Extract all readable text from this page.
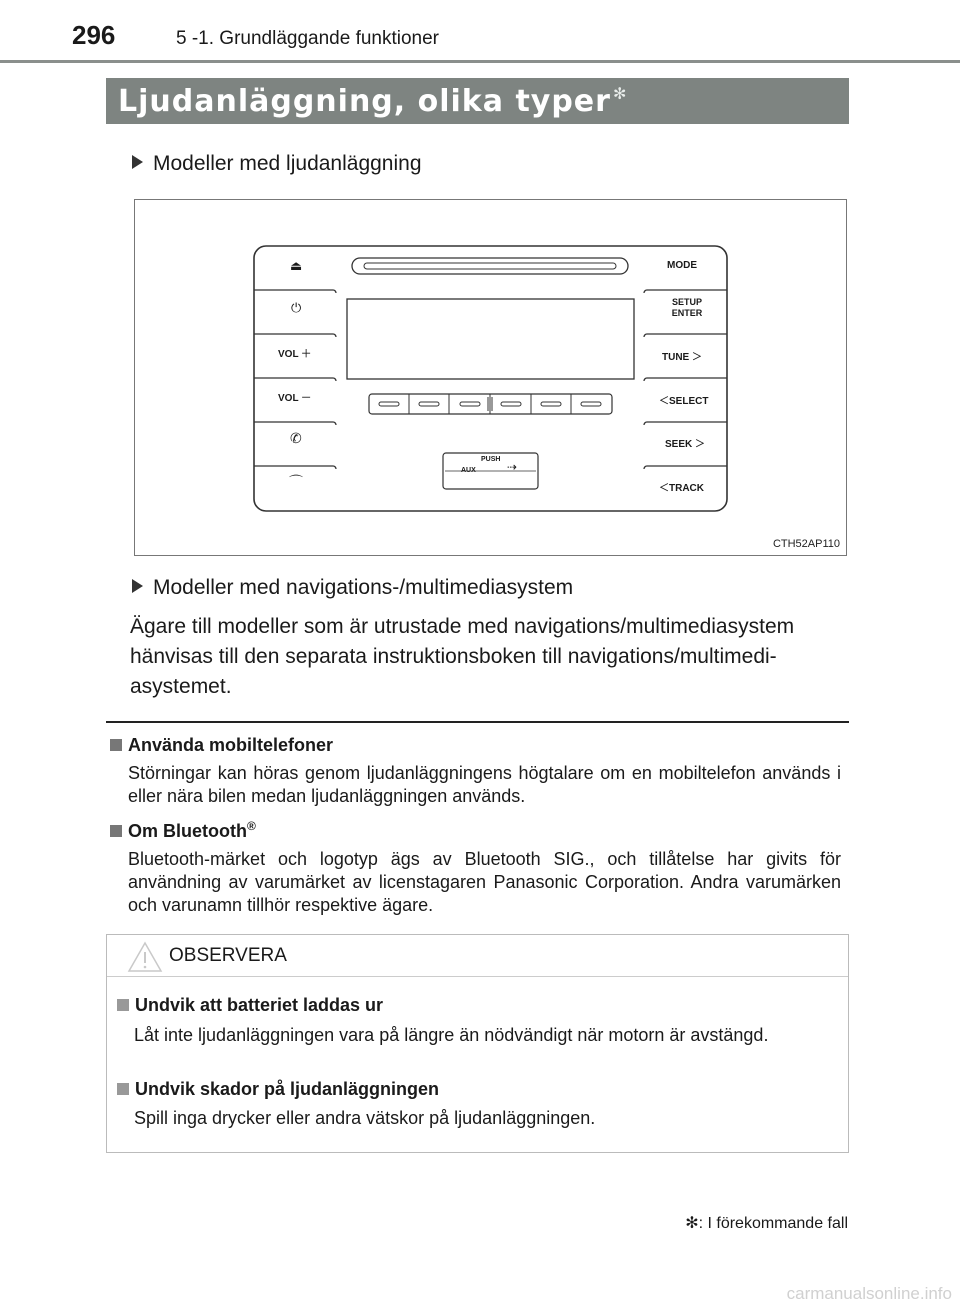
296	5 -1. Grundläggande funktioner
Ljudanläggning, olika typer ✻
Modeller med ljudanläggning
⏏
⏻
VOL ＋
VOL －
✆
⌒
MODE
SETUP ENTER
TUNE ＞
＜SELECT
SEEK ＞
＜TRACK
PUSH
AUX	⇢
CTH52AP110
Modeller med navigations-/multimediasystem
Ägare till modeller som är utrustade med navigations/multimediasystem hänvisas till den separata instruktionsboken till navigations/multimedi-asystemet.
Använda mobiltelefoner
Störningar kan höras genom ljudanläggningens högtalare om en mobiltelefon används i eller nära bilen medan ljudanläggningen används.
Om Bluetooth®
Bluetooth-märket och logotyp ägs av Bluetooth SIG., och tillåtelse har givits för användning av varumärket av licenstagaren Panasonic Corporation. Andra varumärken och varunamn tillhör respektive ägare.
OBSERVERA
Undvik att batteriet laddas ur
Låt inte ljudanläggningen vara på längre än nödvändigt när motorn är avstängd.
Undvik skador på ljudanläggningen
Spill inga drycker eller andra vätskor på ljudanläggningen.
✻: I förekommande fall
carmanualsonline.info
